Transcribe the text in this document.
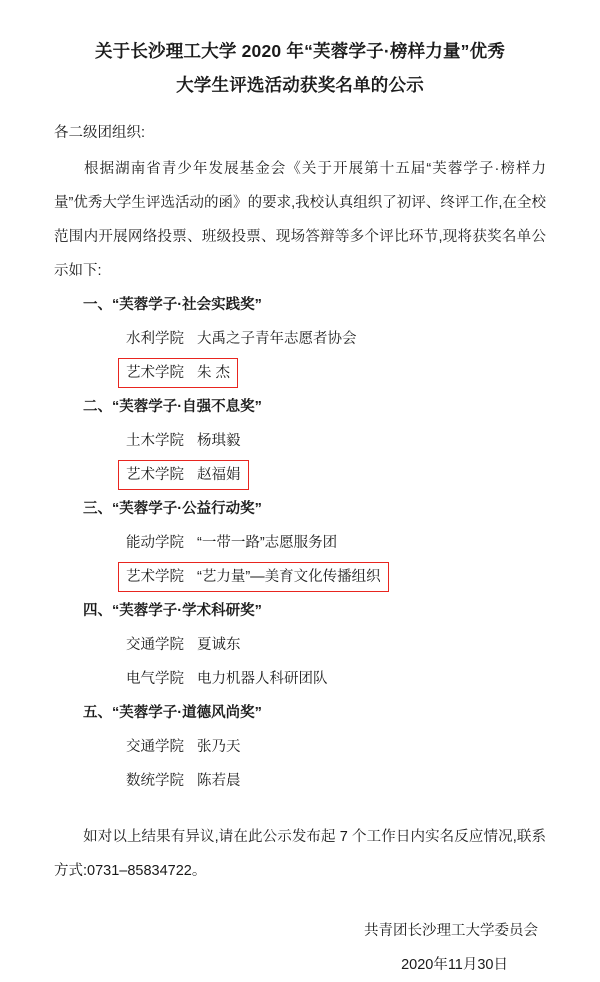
关于长沙理工大学 2020 年“芙蓉学子·榜样力量”优秀
大学生评选活动获奖名单的公示

各二级团组织:

根据湖南省青少年发展基金会《关于开展第十五届“芙蓉学子·榜样力量”优秀大学生评选活动的函》的要求,我校认真组织了初评、终评工作,在全校范围内开展网络投票、班级投票、现场答辩等多个评比环节,现将获奖名单公示如下:

一、“芙蓉学子·社会实践奖”

水利学院 大禹之子青年志愿者协会

艺术学院 朱 杰

二、“芙蓉学子·自强不息奖”

土木学院 杨琪毅

艺术学院 赵福娟

三、“芙蓉学子·公益行动奖”

能动学院 “一带一路”志愿服务团

艺术学院 “艺力量”—美育文化传播组织

四、“芙蓉学子·学术科研奖”

交通学院 夏诚东

电气学院 电力机器人科研团队

五、“芙蓉学子·道德风尚奖”

交通学院 张乃天

数统学院 陈若晨

如对以上结果有异议,请在此公示发布起 7 个工作日内实名反应情况,联系方式:0731–85834722。

共青团长沙理工大学委员会
2020年11月30日
